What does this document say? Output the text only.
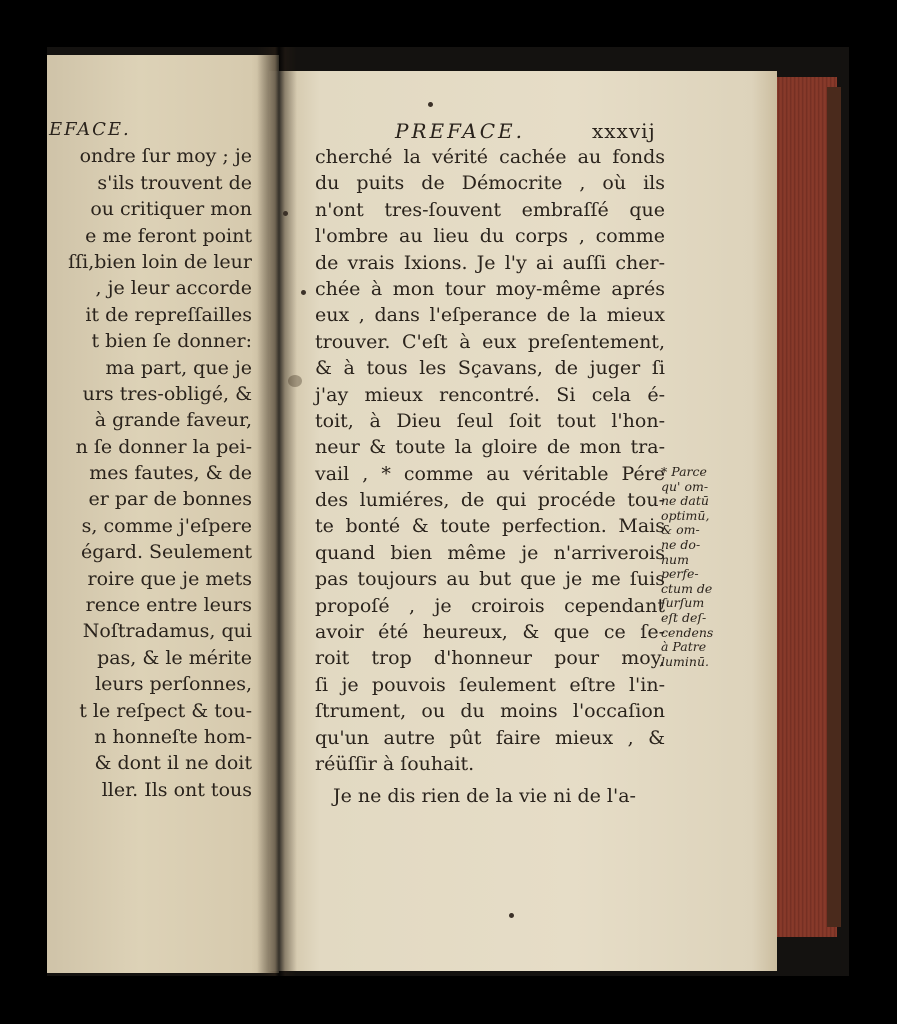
EFACE.
ondre ſur moy ; je
s'ils trouvent de
ou critiquer mon
e me feront point
ſſi,bien loin de leur
, je leur accorde
it de repreſſailles
t bien ſe donner:
ma part, que je
urs tres-obligé, &
à grande faveur,
n ſe donner la pei-
mes fautes, & de
er par de bonnes
s, comme j'eſpere
égard. Seulement
roire que je mets
rence entre leurs
Noſtradamus, qui
pas, & le mérite
leurs perſonnes,
t le reſpect & tou-
n honneſte hom-
& dont il ne doit
ller. Ils ont tous
PREFACE.	xxxvij
cherché la vérité cachée au fonds
du puits de Démocrite , où ils
n'ont tres-ſouvent embraſſé que
l'ombre au lieu du corps , comme
de vrais Ixions. Je l'y ai auſſi cher-
chée à mon tour moy-même aprés
eux , dans l'eſperance de la mieux
trouver. C'eſt à eux preſentement,
& à tous les Sçavans, de juger ſi
j'ay mieux rencontré. Si cela é-
toit, à Dieu ſeul ſoit tout l'hon-
neur & toute la gloire de mon tra-
vail , * comme au véritable Pére
des lumiéres, de qui procéde tou-
te bonté & toute perfection. Mais
quand bien même je n'arriverois
pas toujours au but que je me ſuis
propoſé , je croirois cependant
avoir été heureux, & que ce ſe-
roit trop d'honneur pour moy,
ſi je pouvois ſeulement eſtre l'in-
ſtrument, ou du moins l'occaſion
qu'un autre pût faire mieux , &
réüſſir à ſouhait.
Je ne dis rien de la vie ni de l'a-
* Parce
qu' om-
ne datū
optimū,
& om-
ne do-
num
perfe-
ctum de
ſurſum
eſt deſ-
cendens
à Patre
luminū.
